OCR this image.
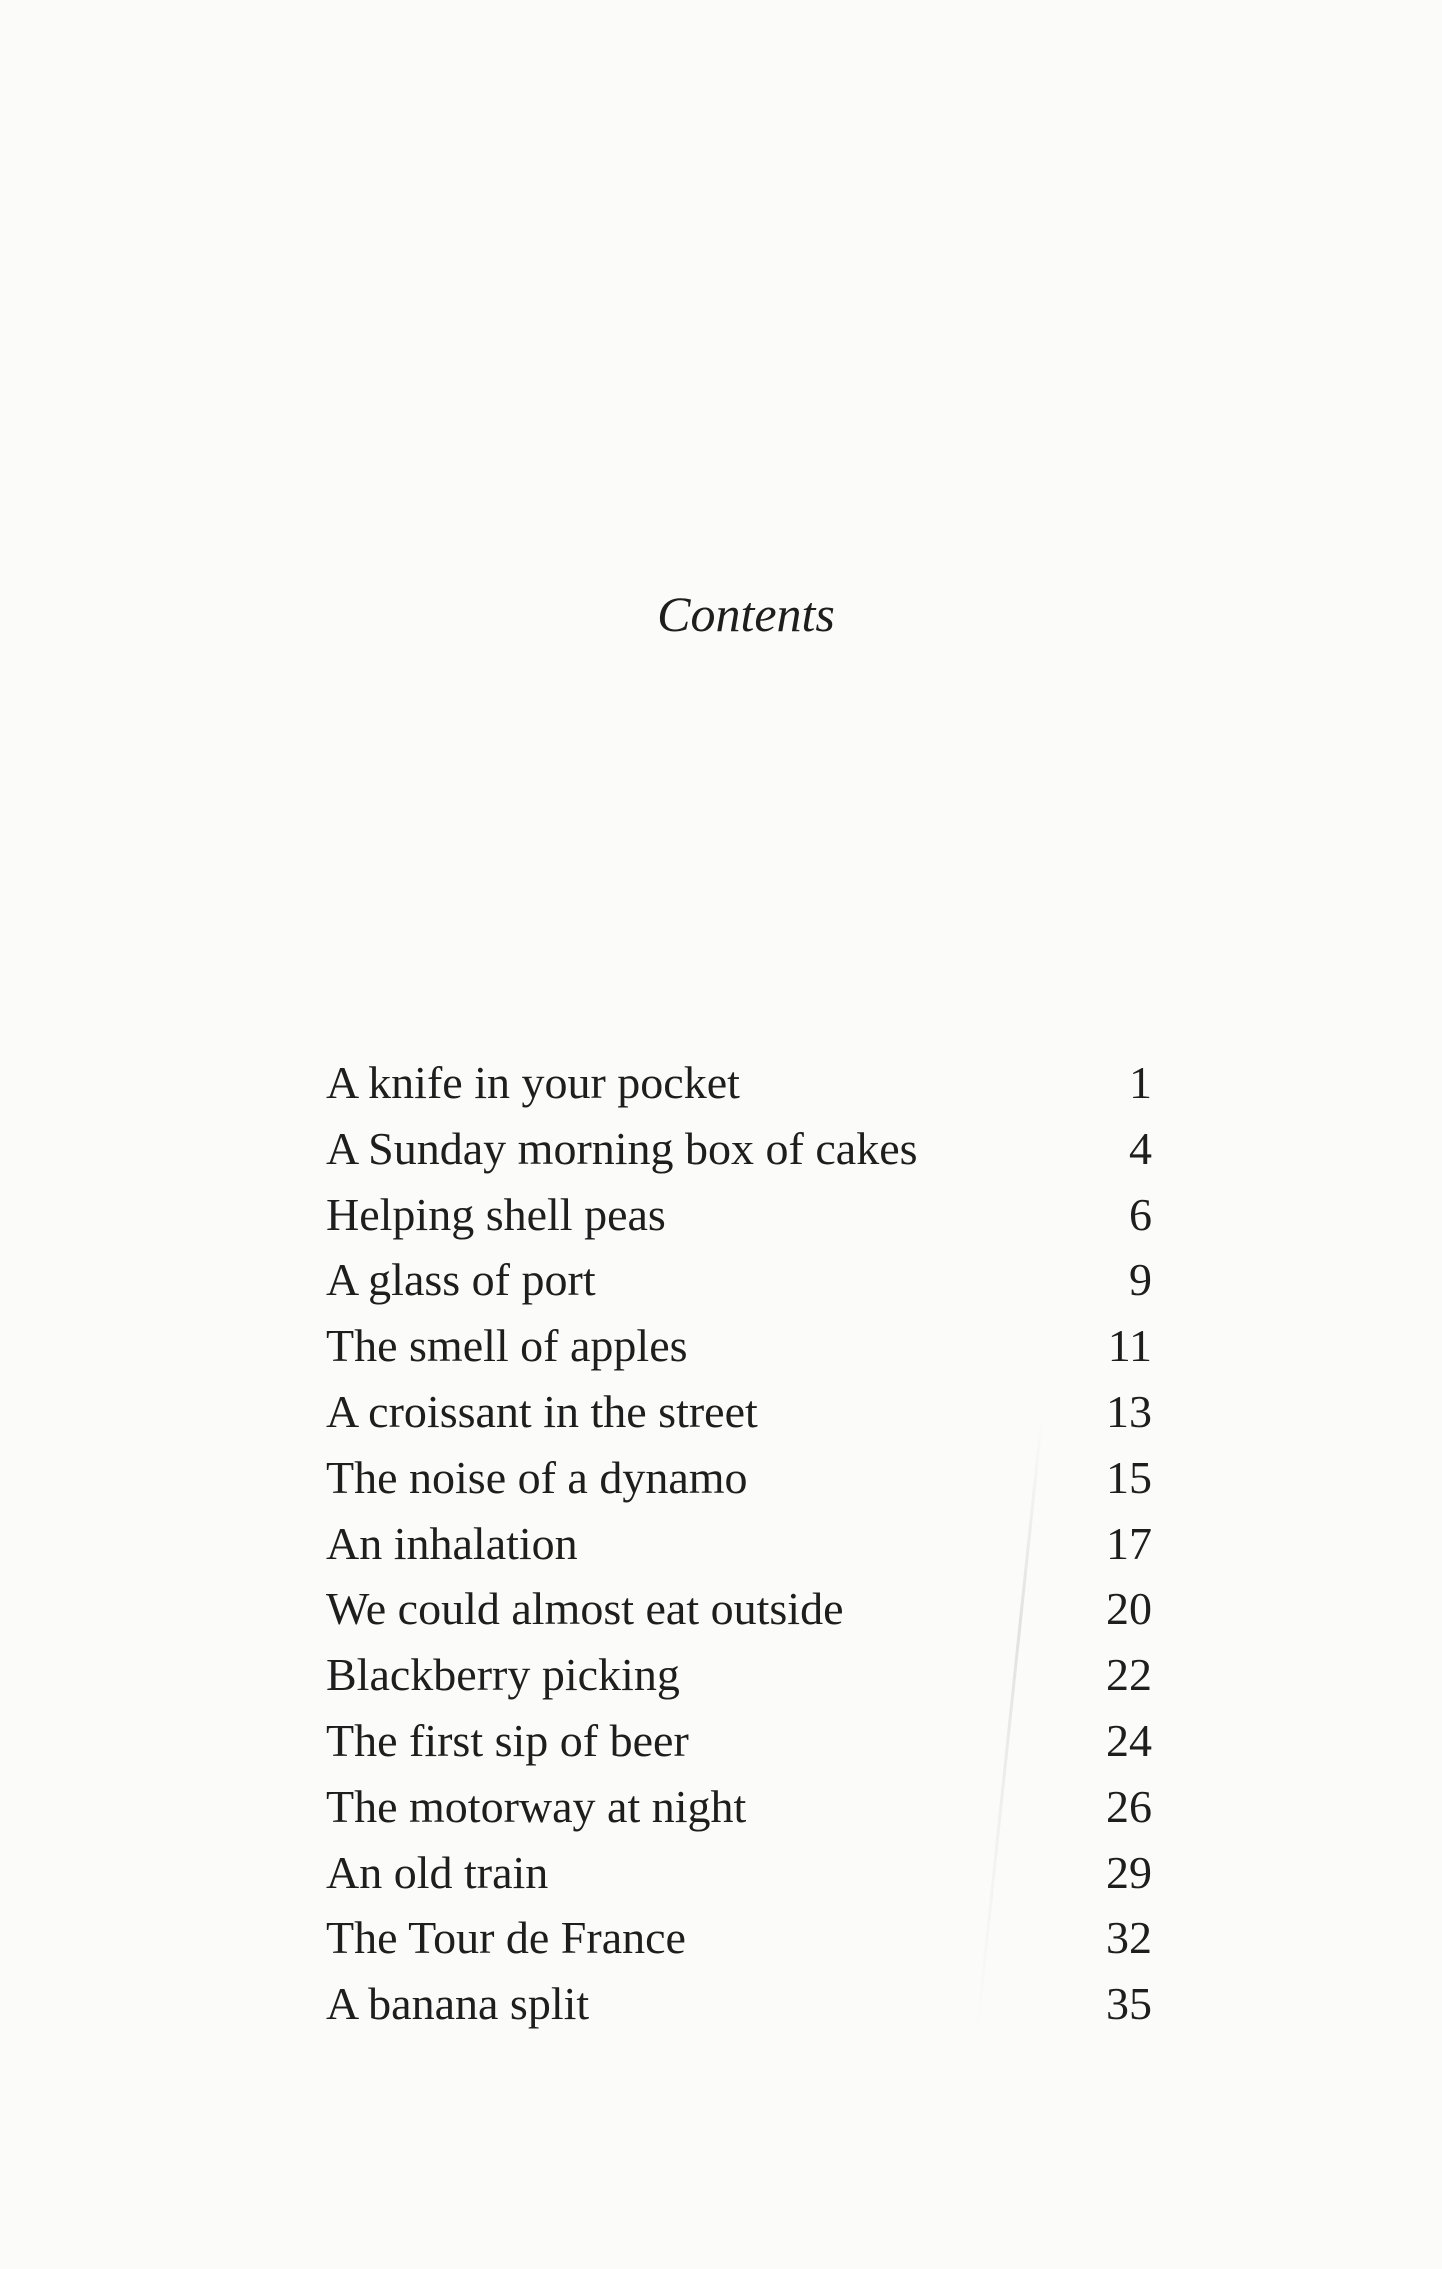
Contents
A knife in your pocket	1
A Sunday morning box of cakes	4
Helping shell peas	6
A glass of port	9
The smell of apples	11
A croissant in the street	13
The noise of a dynamo	15
An inhalation	17
We could almost eat outside	20
Blackberry picking	22
The first sip of beer	24
The motorway at night	26
An old train	29
The Tour de France	32
A banana split	35
